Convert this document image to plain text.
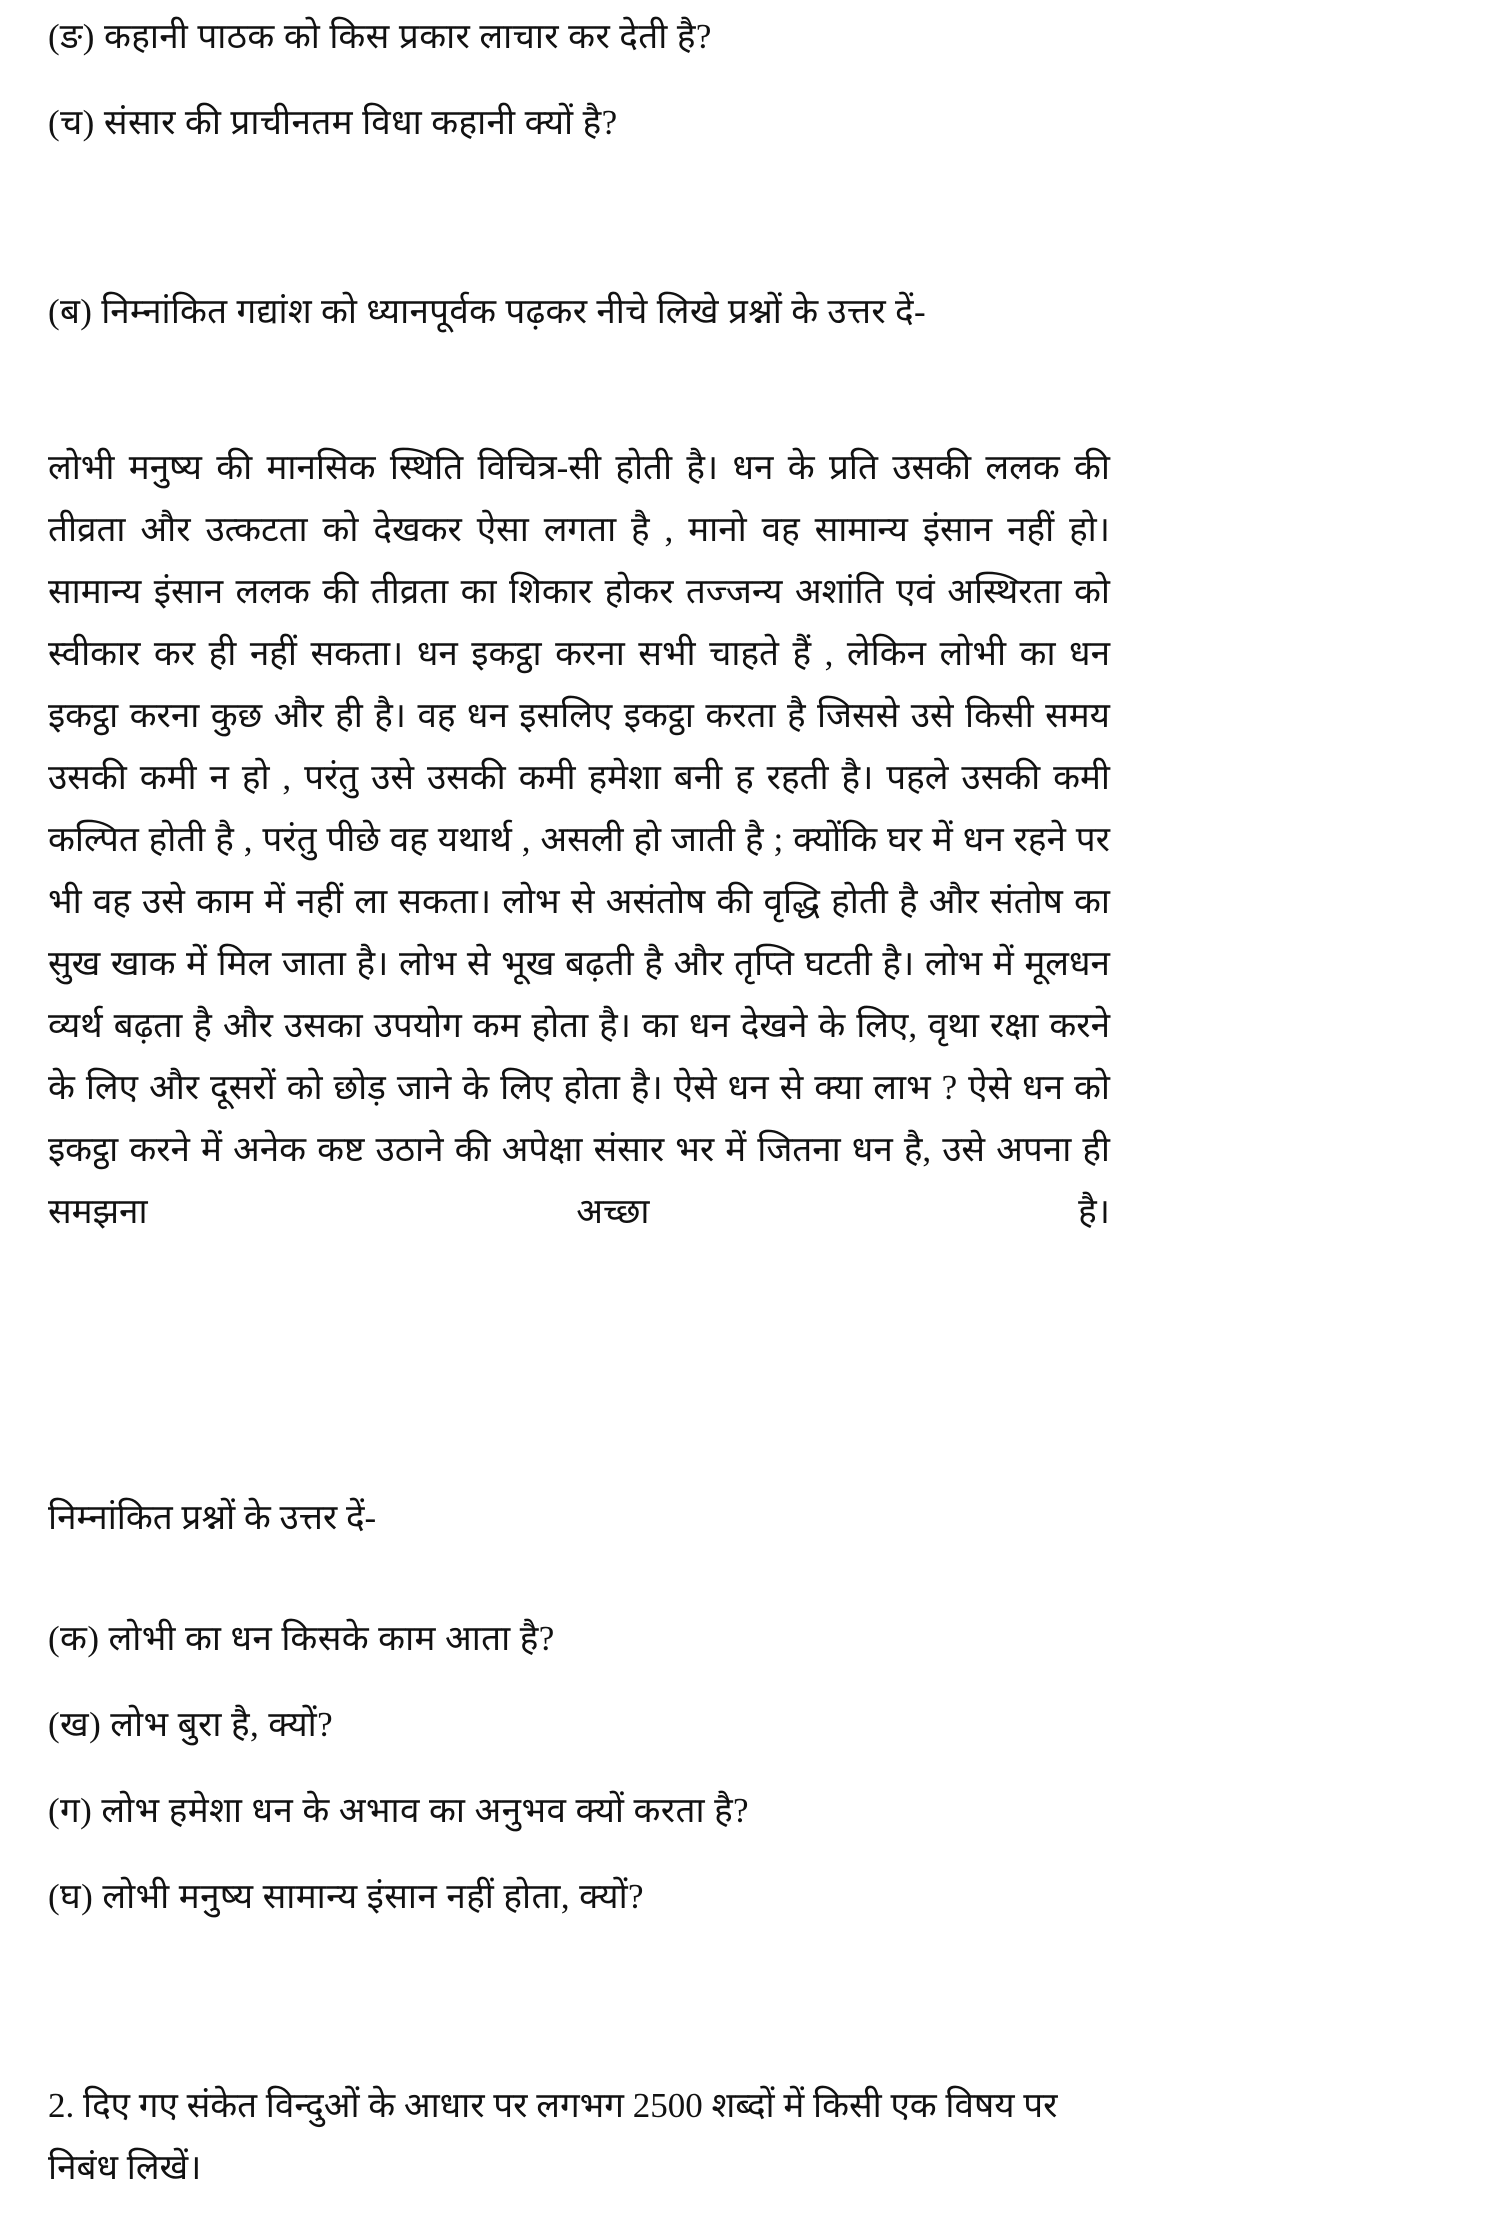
(ङ) कहानी पाठक को किस प्रकार लाचार कर देती है?

(च) संसार की प्राचीनतम विधा कहानी क्यों है?

(ब) निम्नांकित गद्यांश को ध्यानपूर्वक पढ़कर नीचे लिखे प्रश्नों के उत्तर दें-

लोभी मनुष्य की मानसिक स्थिति विचित्र-सी होती है। धन के प्रति उसकी ललक की तीव्रता और उत्कटता को देखकर ऐसा लगता है , मानो वह सामान्य इंसान नहीं हो। सामान्य इंसान ललक की तीव्रता का शिकार होकर तज्जन्य अशांति एवं अस्थिरता को स्वीकार कर ही नहीं सकता। धन इकट्ठा करना सभी चाहते हैं , लेकिन लोभी का धन इकट्ठा करना कुछ और ही है। वह धन इसलिए इकट्ठा करता है जिससे उसे किसी समय उसकी कमी न हो , परंतु उसे उसकी कमी हमेशा बनी ह रहती है। पहले उसकी कमी कल्पित होती है , परंतु पीछे वह यथार्थ , असली हो जाती है ; क्योंकि घर में धन रहने पर भी वह उसे काम में नहीं ला सकता। लोभ से असंतोष की वृद्धि होती है और संतोष का सुख खाक में मिल जाता है। लोभ से भूख बढ़ती है और तृप्ति घटती है। लोभ में मूलधन व्यर्थ बढ़ता है और उसका उपयोग कम होता है। का धन देखने के लिए, वृथा रक्षा करने के लिए और दूसरों को छोड़ जाने के लिए होता है। ऐसे धन से क्या लाभ ? ऐसे धन को इकट्ठा करने में अनेक कष्ट उठाने की अपेक्षा संसार भर में जितना धन है, उसे अपना ही समझना अच्छा है।

निम्नांकित प्रश्नों के उत्तर दें-

(क) लोभी का धन किसके काम आता है?

(ख) लोभ बुरा है, क्यों?

(ग) लोभ हमेशा धन के अभाव का अनुभव क्यों करता है?

(घ) लोभी मनुष्य सामान्य इंसान नहीं होता, क्यों?

2. दिए गए संकेत विन्दुओं के आधार पर लगभग 2500 शब्दों में किसी एक विषय पर निबंध लिखें।
